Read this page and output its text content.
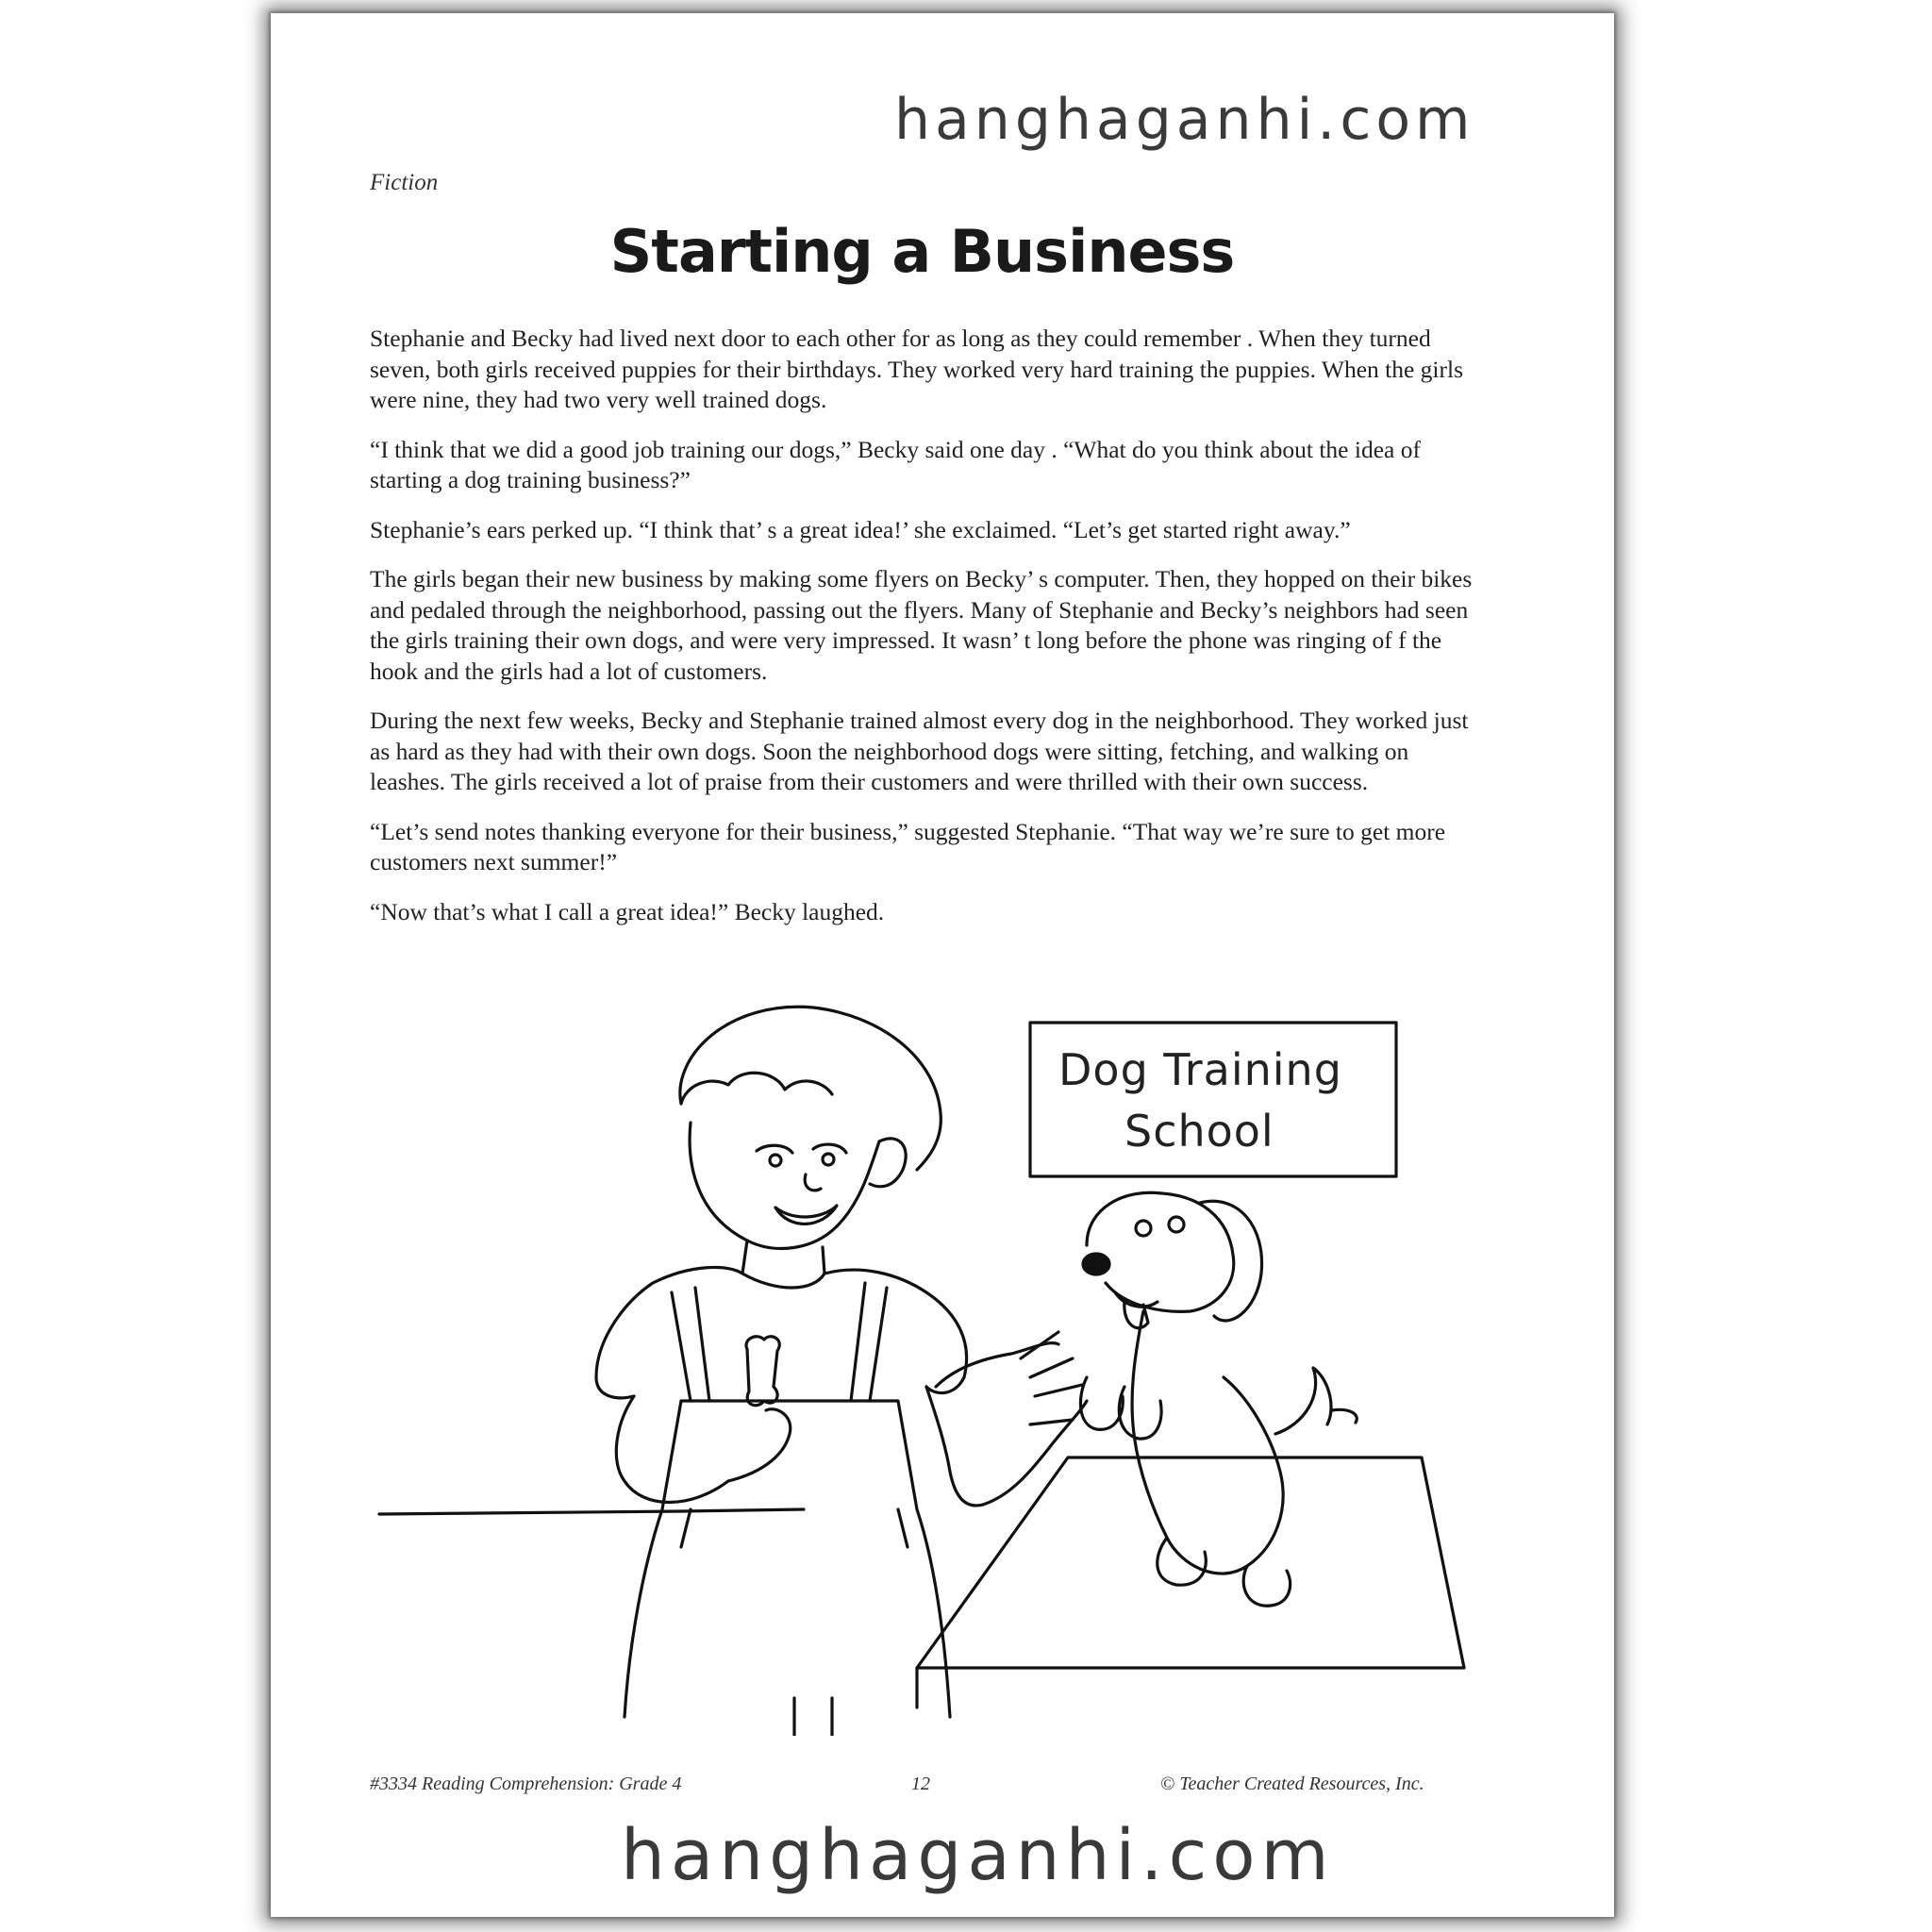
hanghaganhi.com
Fiction
Starting a Business

Stephanie and Becky had lived next door to each other for as long as they could remember . When they turned seven, both girls received puppies for their birthdays. They worked very hard training the puppies. When the girls were nine, they had two very well trained dogs.

“I think that we did a good job training our dogs,” Becky said one day . “What do you think about the idea of starting a dog training business?”

Stephanie’s ears perked up. “I think that’ s a great idea!’ she exclaimed. “Let’s get started right away.”

The girls began their new business by making some flyers on Becky’ s computer. Then, they hopped on their bikes and pedaled through the neighborhood, passing out the flyers. Many of Stephanie and Becky’s neighbors had seen the girls training their own dogs, and were very impressed. It wasn’ t long before the phone was ringing of f the hook and the girls had a lot of customers.

During the next few weeks, Becky and Stephanie trained almost every dog in the neighborhood. They worked just as hard as they had with their own dogs. Soon the neighborhood dogs were sitting, fetching, and walking on leashes. The girls received a lot of praise from their customers and were thrilled with their own success.

“Let’s send notes thanking everyone for their business,” suggested Stephanie. “That way we’re sure to get more customers next summer!”

“Now that’s what I call a great idea!” Becky laughed.

Dog Training
School
#3334 Reading Comprehension: Grade 4	12	© Teacher Created Resources, Inc.
hanghaganhi.com
